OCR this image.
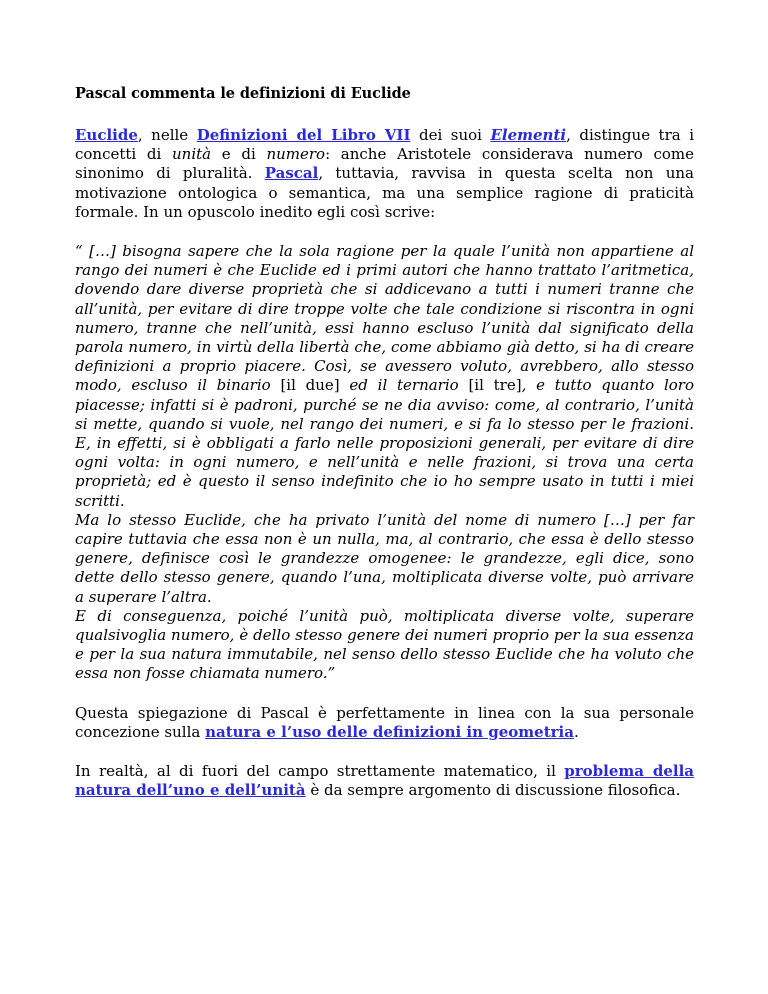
Pascal commenta le definizioni di Euclide

Euclide, nelle Definizioni del Libro VII dei suoi Elementi, distingue tra i concetti di unità e di numero: anche Aristotele considerava numero come sinonimo di pluralità. Pascal, tuttavia, ravvisa in questa scelta non una motivazione ontologica o semantica, ma una semplice ragione di praticità formale. In un opuscolo inedito egli così scrive:

“ […] bisogna sapere che la sola ragione per la quale l’unità non appartiene al rango dei numeri è che Euclide ed i primi autori che hanno trattato l’aritmetica, dovendo dare diverse proprietà che si addicevano a tutti i numeri tranne che all’unità, per evitare di dire troppe volte che tale condizione si riscontra in ogni numero, tranne che nell’unità, essi hanno escluso l’unità dal significato della parola numero, in virtù della libertà che, come abbiamo già detto, si ha di creare definizioni a proprio piacere. Così, se avessero voluto, avrebbero, allo stesso modo, escluso il binario [il due] ed il ternario [il tre], e tutto quanto loro piacesse; infatti si è padroni, purché se ne dia avviso: come, al contrario, l’unità si mette, quando si vuole, nel rango dei numeri, e si fa lo stesso per le frazioni. E, in effetti, si è obbligati a farlo nelle proposizioni generali, per evitare di dire ogni volta: in ogni numero, e nell’unità e nelle frazioni, si trova una certa proprietà; ed è questo il senso indefinito che io ho sempre usato in tutti i miei scritti.

Ma lo stesso Euclide, che ha privato l’unità del nome di numero […] per far capire tuttavia che essa non è un nulla, ma, al contrario, che essa è dello stesso genere, definisce così le grandezze omogenee: le grandezze, egli dice, sono dette dello stesso genere, quando l’una, moltiplicata diverse volte, può arrivare a superare l’altra.

E di conseguenza, poiché l’unità può, moltiplicata diverse volte, superare qualsivoglia numero, è dello stesso genere dei numeri proprio per la sua essenza e per la sua natura immutabile, nel senso dello stesso Euclide che ha voluto che essa non fosse chiamata numero.”

Questa spiegazione di Pascal è perfettamente in linea con la sua personale concezione sulla natura e l’uso delle definizioni in geometria.

In realtà, al di fuori del campo strettamente matematico, il problema della natura dell’uno e dell’unità è da sempre argomento di discussione filosofica.
